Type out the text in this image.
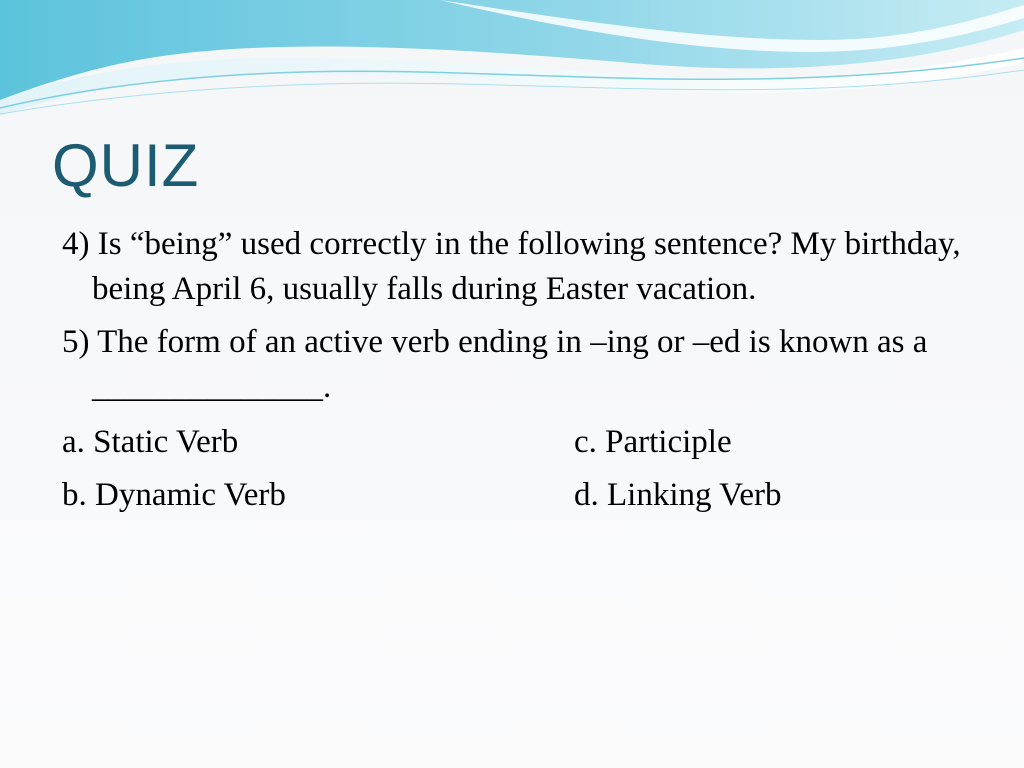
QUIZ

4) Is “being” used correctly in the following sentence? My birthday, being April 6, usually falls during Easter vacation.

5) The form of an active verb ending in –ing or –ed is known as a ______________.

a. Static Verb	c. Participle
b. Dynamic Verb	d. Linking Verb
